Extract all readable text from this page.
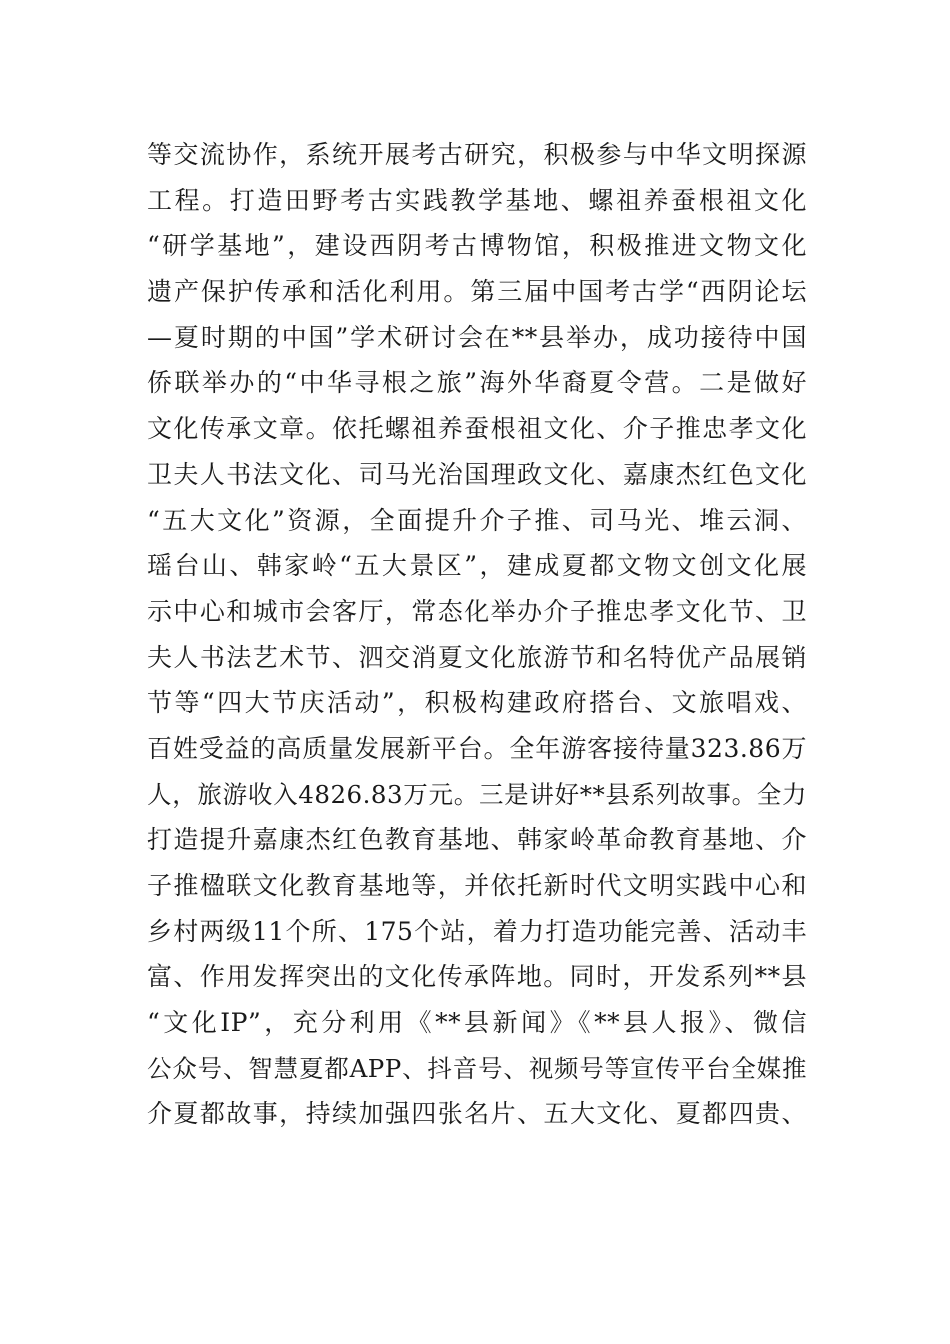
等交流协作，系统开展考古研究，积极参与中华文明探源
工程。打造田野考古实践教学基地、螺祖养蚕根祖文化
“研学基地”，建设西阴考古博物馆，积极推进文物文化
遗产保护传承和活化利用。第三届中国考古学“西阴论坛
—夏时期的中国”学术研讨会在**县举办，成功接待中国
侨联举办的“中华寻根之旅”海外华裔夏令营。二是做好
文化传承文章。依托螺祖养蚕根祖文化、介子推忠孝文化
卫夫人书法文化、司马光治国理政文化、嘉康杰红色文化
“五大文化”资源，全面提升介子推、司马光、堆云洞、
瑶台山、韩家岭“五大景区”，建成夏都文物文创文化展
示中心和城市会客厅，常态化举办介子推忠孝文化节、卫
夫人书法艺术节、泗交消夏文化旅游节和名特优产品展销
节等“四大节庆活动”，积极构建政府搭台、文旅唱戏、
百姓受益的高质量发展新平台。全年游客接待量323.86万
人，旅游收入4826.83万元。三是讲好**县系列故事。全力
打造提升嘉康杰红色教育基地、韩家岭革命教育基地、介
子推楹联文化教育基地等，并依托新时代文明实践中心和
乡村两级11个所、175个站，着力打造功能完善、活动丰
富、作用发挥突出的文化传承阵地。同时，开发系列**县
“文化IP”，充分利用《**县新闻》《**县人报》、微信
公众号、智慧夏都APP、抖音号、视频号等宣传平台全媒推
介夏都故事，持续加强四张名片、五大文化、夏都四贵、
